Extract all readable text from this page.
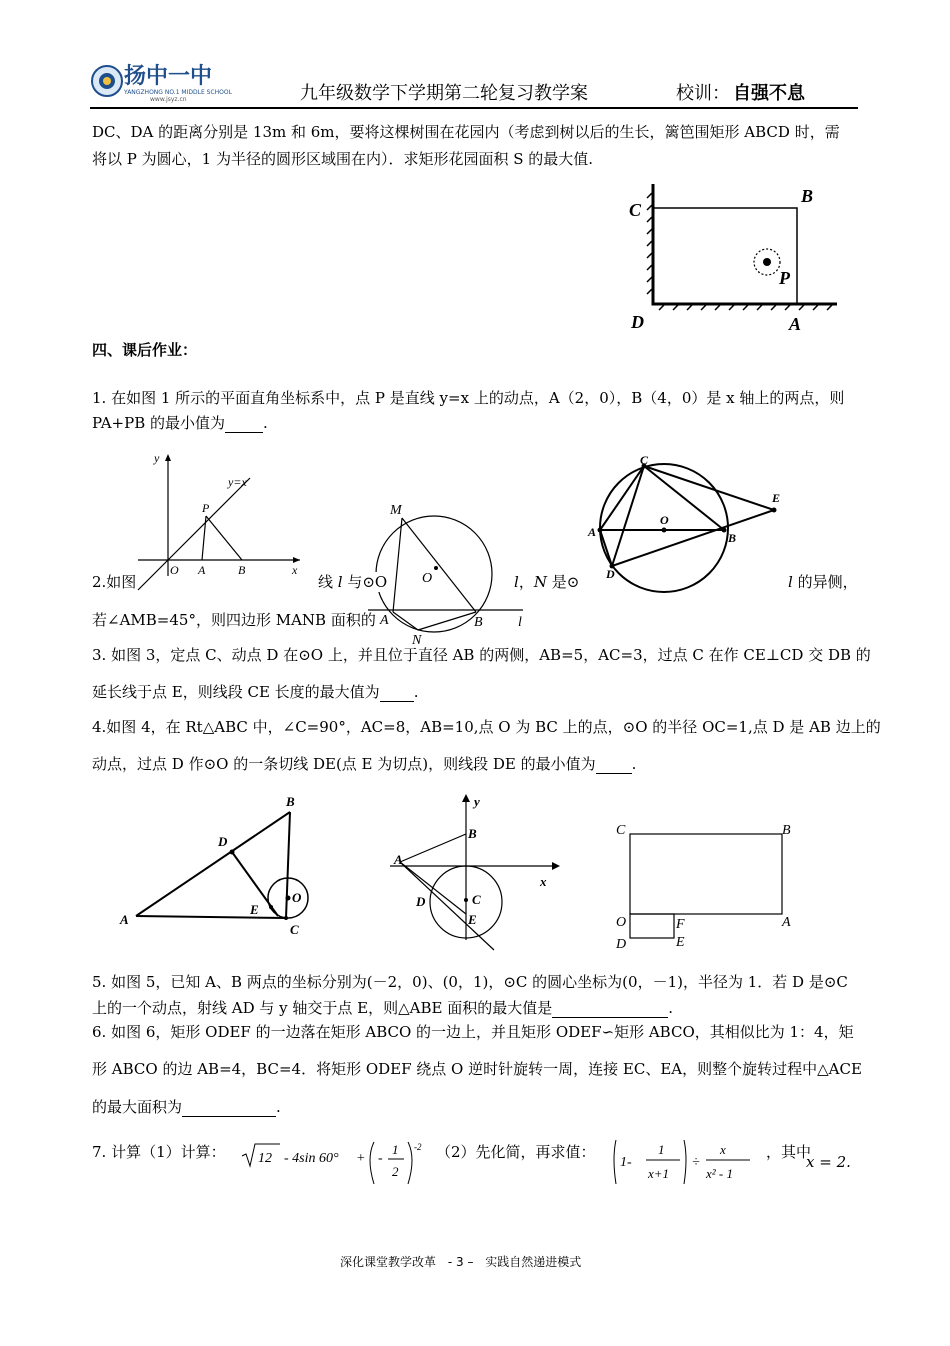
扬中一中
YANGZHONG NO.1 MIDDLE SCHOOL
www.jsyz.cn	九年级数学下学期第二轮复习教学案	校训： 自强不息
DC、DA 的距离分别是 13m 和 6m，要将这棵树围在花园内（考虑到树以后的生长，篱笆围矩形 ABCD 时，需
将以 P 为圆心，1 为半径的圆形区域围在内）．求矩形花园面积 S 的最大值.
C
B
P
D	A
四、课后作业：
1. 在如图 1 所示的平面直角坐标系中，点 P 是直线 y=x 上的动点，A（2，0），B（4，0）是 x 轴上的两点，则
PA+PB 的最小值为	.
y
y=x
P
O A	B	x
M
O
A	B
N
l
C
E
O
A	B
D
2.如图	线 l 与⊙O	l，N 是⊙	l 的异侧，
若∠AMB=45°，则四边形 MANB 面积的
3. 如图 3，定点 C、动点 D 在⊙O 上，并且位于直径 AB 的两侧，AB=5，AC=3，过点 C 在作 CE⊥CD 交 DB 的
延长线于点 E，则线段 CE 长度的最大值为 .
4.如图 4，在 Rt△ABC 中，∠C=90°，AC=8，AB=10,点 O 为 BC 上的点，⊙O 的半径 OC=1,点 D 是 AB 边上的
动点，过点 D 作⊙O 的一条切线 DE(点 E 为切点)，则线段 DE 的最小值为 .
B
D
O
E
A
C
y
B
A
x
C
D
E
C	B
O	F	A
D	E
5. 如图 5，已知 A、B 两点的坐标分别为(－2，0)、(0，1)，⊙C 的圆心坐标为(0，－1)，半径为 1．若 D 是⊙C
上的一个动点，射线 AD 与 y 轴交于点 E，则△ABE 面积的最大值是	.
6. 如图 6，矩形 ODEF 的一边落在矩形 ABCO 的一边上，并且矩形 ODEF∽矩形 ABCO，其相似比为 1：4，矩
形 ABCO 的边 AB=4，BC=4．将矩形 ODEF 绕点 O 逆时针旋转一周，连接 EC、EA，则整个旋转过程中△ACE
的最大面积为	.
7. 计算（1）计算： 12 - 4sin 60° + -
1
2
-2 （2）先化简，再求值：
1-
1
x+1
÷
x
x² - 1
，其中
x = 2.
深化课堂教学改革 - 3 – 实践自然递进模式
